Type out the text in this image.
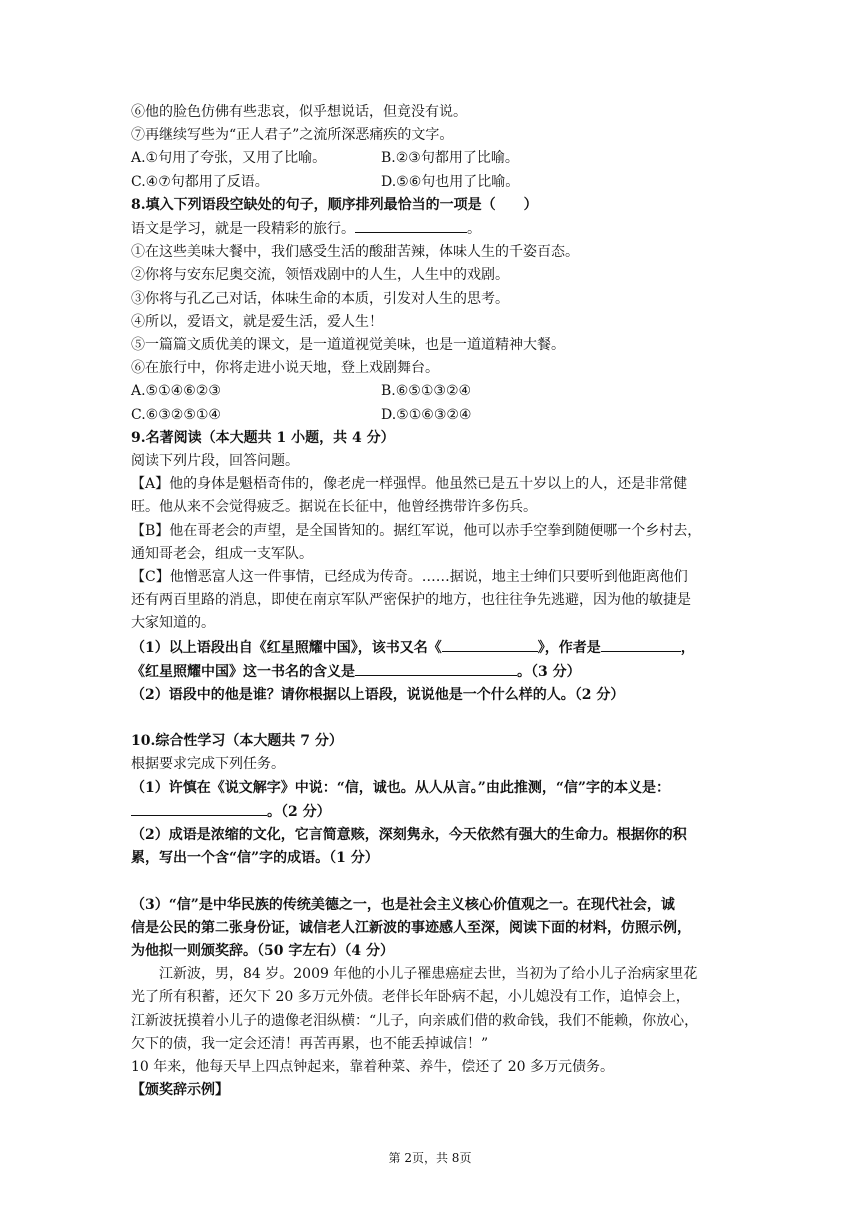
⑥他的脸色仿佛有些悲哀，似乎想说话，但竟没有说。
⑦再继续写些为“正人君子”之流所深恶痛疾的文字。
A.①句用了夸张，又用了比喻。	B.②③句都用了比喻。
C.④⑦句都用了反语。	D.⑤⑥句也用了比喻。
8.填入下列语段空缺处的句子，顺序排列最恰当的一项是（　　）
语文是学习，就是一段精彩的旅行。	。
①在这些美味大餐中，我们感受生活的酸甜苦辣，体味人生的千姿百态。
②你将与安东尼奥交流，领悟戏剧中的人生，人生中的戏剧。
③你将与孔乙己对话，体味生命的本质，引发对人生的思考。
④所以，爱语文，就是爱生活，爱人生！
⑤一篇篇文质优美的课文，是一道道视觉美味，也是一道道精神大餐。
⑥在旅行中，你将走进小说天地，登上戏剧舞台。
A.⑤①④⑥②③	B.⑥⑤①③②④
C.⑥③②⑤①④	D.⑤①⑥③②④
9.名著阅读（本大题共 1 小题，共 4 分）
阅读下列片段，回答问题。
【A】他的身体是魁梧奇伟的，像老虎一样强悍。他虽然已是五十岁以上的人，还是非常健
旺。他从来不会觉得疲乏。据说在长征中，他曾经携带许多伤兵。
【B】他在哥老会的声望，是全国皆知的。据红军说，他可以赤手空拳到随便哪一个乡村去，
通知哥老会，组成一支军队。
【C】他憎恶富人这一件事情，已经成为传奇。……据说，地主士绅们只要听到他距离他们
还有两百里路的消息，即使在南京军队严密保护的地方，也往往争先逃避，因为他的敏捷是
大家知道的。
（1）以上语段出自《红星照耀中国》，该书又名《	》，作者是	，
《红星照耀中国》这一书名的含义是	。（3 分）
（2）语段中的他是谁？请你根据以上语段，说说他是一个什么样的人。（2 分）
10.综合性学习（本大题共 7 分）
根据要求完成下列任务。
（1）许慎在《说文解字》中说：“信，诚也。从人从言。”由此推测，“信”字的本义是：
。（2 分）
（2）成语是浓缩的文化，它言简意赅，深刻隽永，今天依然有强大的生命力。根据你的积
累，写出一个含“信”字的成语。（1 分）
（3）“信”是中华民族的传统美德之一，也是社会主义核心价值观之一。在现代社会，诚
信是公民的第二张身份证，诚信老人江新波的事迹感人至深，阅读下面的材料，仿照示例，
为他拟一则颁奖辞。（50 字左右）（4 分）
江新波，男，84 岁。2009 年他的小儿子罹患癌症去世，当初为了给小儿子治病家里花
光了所有积蓄，还欠下 20 多万元外债。老伴长年卧病不起，小儿媳没有工作，追悼会上，
江新波抚摸着小儿子的遗像老泪纵横：“儿子，向亲戚们借的救命钱，我们不能赖，你放心，
欠下的债，我一定会还清！再苦再累，也不能丢掉诚信！”
10 年来，他每天早上四点钟起来，靠着种菜、养牛，偿还了 20 多万元债务。
【颁奖辞示例】
第 2页，共 8页
